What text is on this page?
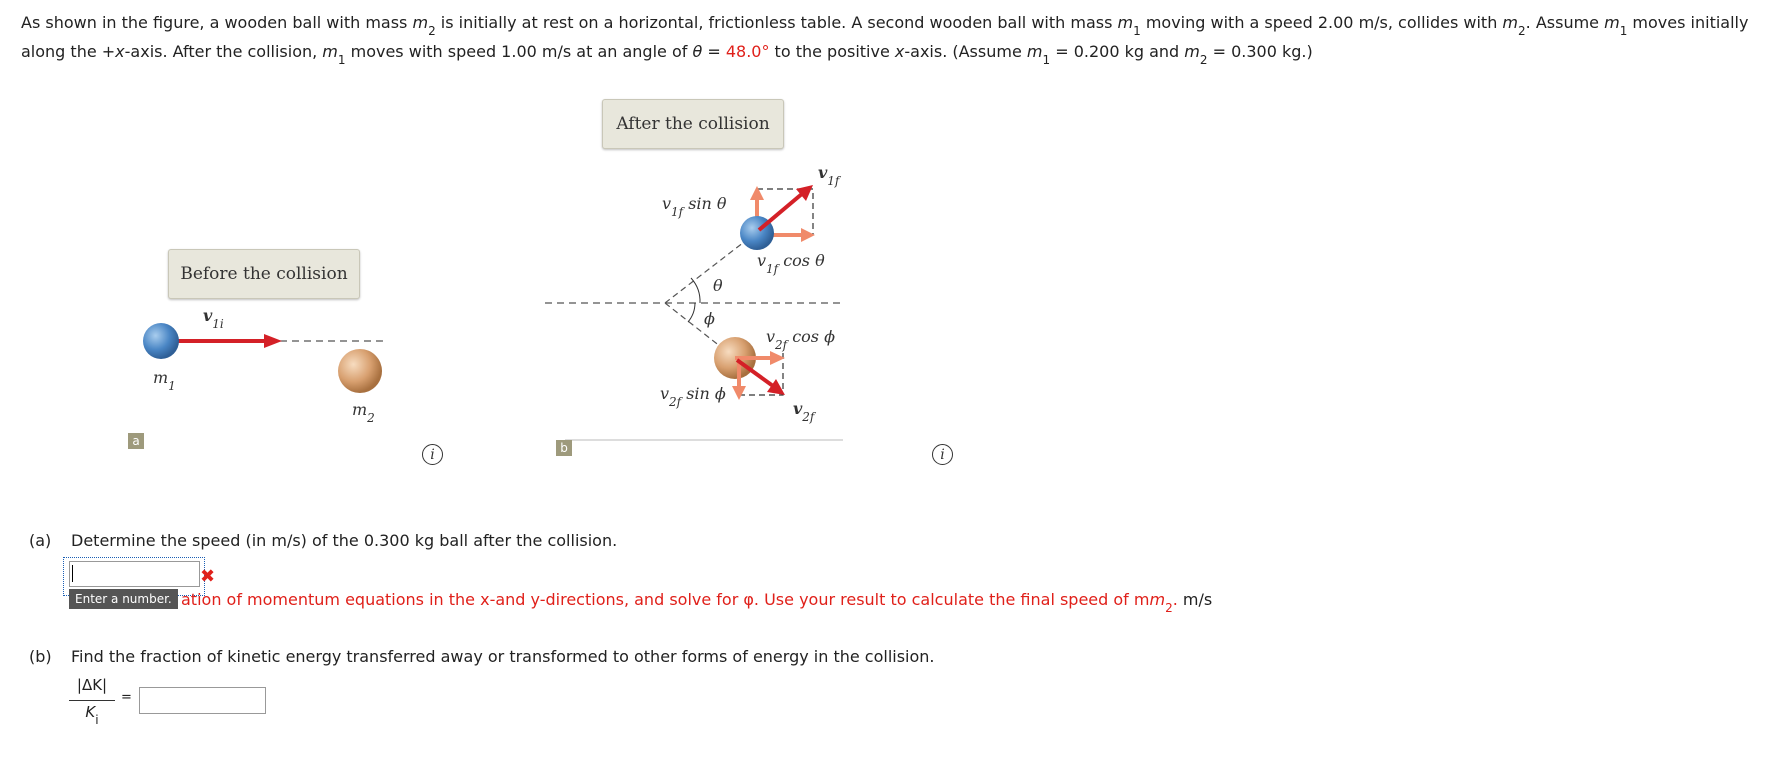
As shown in the figure, a wooden ball with mass $m_2$ is initially at rest on a horizontal, frictionless table. A second wooden ball with mass $m_1$ moving with a speed 2.00 m/s, collides with $m_2$. Assume $m_1$ moves initially along the +x-axis. After the collision, $m_1$ moves with speed 1.00 m/s at an angle of θ = 48.0° to the positive x-axis. (Assume $m_1 = 0.200$ kg and $m_2 = 0.300$ kg.)
Before the collision
$v_{1i}$
$m_1$
$m_2$
a
i
After the collision
$v_{1f}$
$v_{1f}$ sin θ
$v_{1f}$ cos θ
θ
ϕ
$v_{2f}$ cos ϕ
$v_{2f}$ sin ϕ
$v_{2f}$
b	i
(a) Determine the speed (in m/s) of the 0.300 kg ball after the collision.
✖
Enter a number. ation of momentum equations in the x-and y-directions, and solve for φ. Use your result to calculate the final speed of $mm_2$. m/s
(b) Find the fraction of kinetic energy transferred away or transformed to other forms of energy in the collision.
|ΔK|
$K_i$
=
